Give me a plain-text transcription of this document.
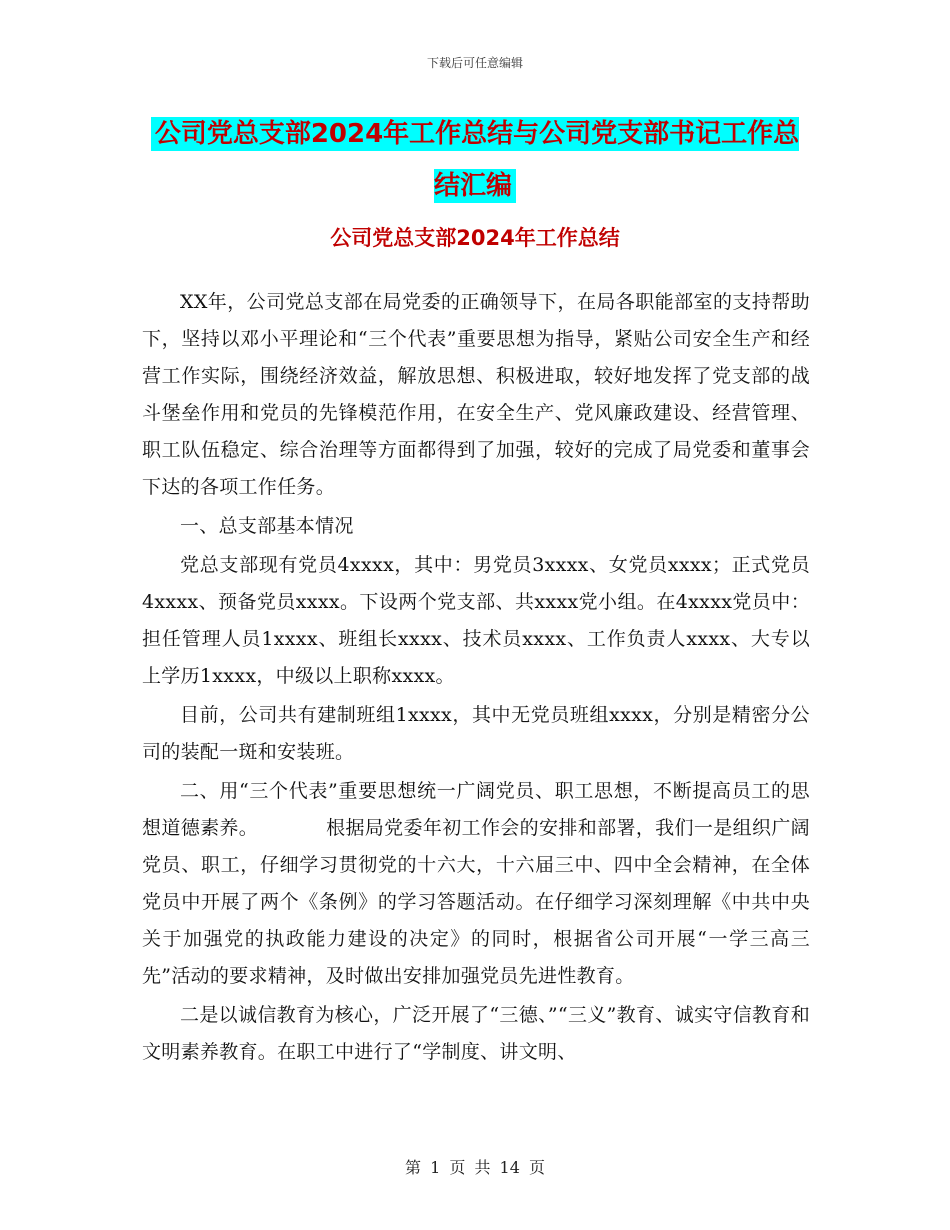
下载后可任意编辑
公司党总支部2024年工作总结与公司党支部书记工作总结汇编
公司党总支部2024年工作总结

XX年，公司党总支部在局党委的正确领导下，在局各职能部室的支持帮助下，坚持以邓小平理论和“三个代表”重要思想为指导，紧贴公司安全生产和经营工作实际，围绕经济效益，解放思想、积极进取，较好地发挥了党支部的战斗堡垒作用和党员的先锋模范作用，在安全生产、党风廉政建设、经营管理、职工队伍稳定、综合治理等方面都得到了加强，较好的完成了局党委和董事会下达的各项工作任务。

一、总支部基本情况

党总支部现有党员4xxxx，其中：男党员3xxxx、女党员xxxx；正式党员4xxxx、预备党员xxxx。下设两个党支部、共xxxx党小组。在4xxxx党员中：担任管理人员1xxxx、班组长xxxx、技术员xxxx、工作负责人xxxx、大专以上学历1xxxx，中级以上职称xxxx。

目前，公司共有建制班组1xxxx，其中无党员班组xxxx，分别是精密分公司的装配一斑和安装班。

二、用“三个代表”重要思想统一广阔党员、职工思想，不断提高员工的思想道德素养。　　　　根据局党委年初工作会的安排和部署，我们一是组织广阔党员、职工，仔细学习贯彻党的十六大，十六届三中、四中全会精神，在全体党员中开展了两个《条例》的学习答题活动。在仔细学习深刻理解《中共中央关于加强党的执政能力建设的决定》的同时，根据省公司开展“一学三高三先”活动的要求精神，及时做出安排加强党员先进性教育。

二是以诚信教育为核心，广泛开展了“三德、”“三义”教育、诚实守信教育和文明素养教育。在职工中进行了“学制度、讲文明、

第 1 页 共 14 页
